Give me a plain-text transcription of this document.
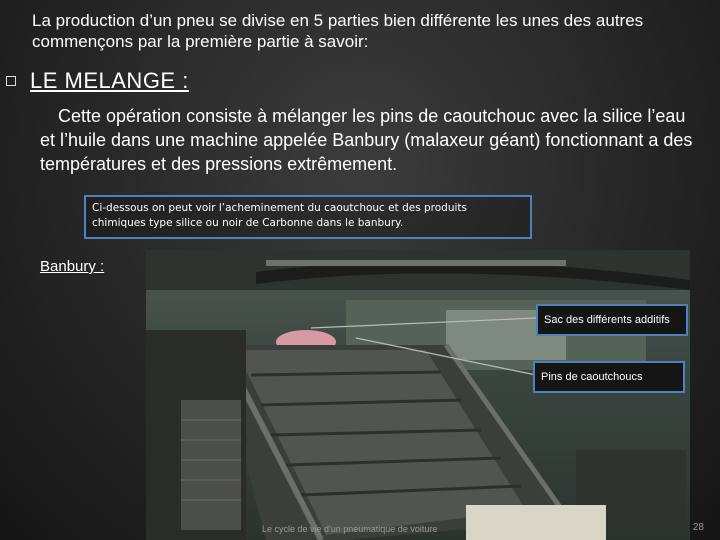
La production d’un pneu se divise en 5 parties bien différente les unes des autres commençons par la première partie à savoir:

LE MELANGE :

Cette opération consiste à mélanger les pins de caoutchouc avec la silice l’eau et l’huile dans une machine appelée Banbury (malaxeur géant) fonctionnant a des températures et des pressions extrêmement.

Ci-dessous on peut voir l’acheminement du caoutchouc et des produits chimiques type silice ou noir de Carbonne dans le banbury.
Banbury :
Sac des différents additifs
Pins de caoutchoucs
Le cycle de vie d'un pneumatique de voiture	28
